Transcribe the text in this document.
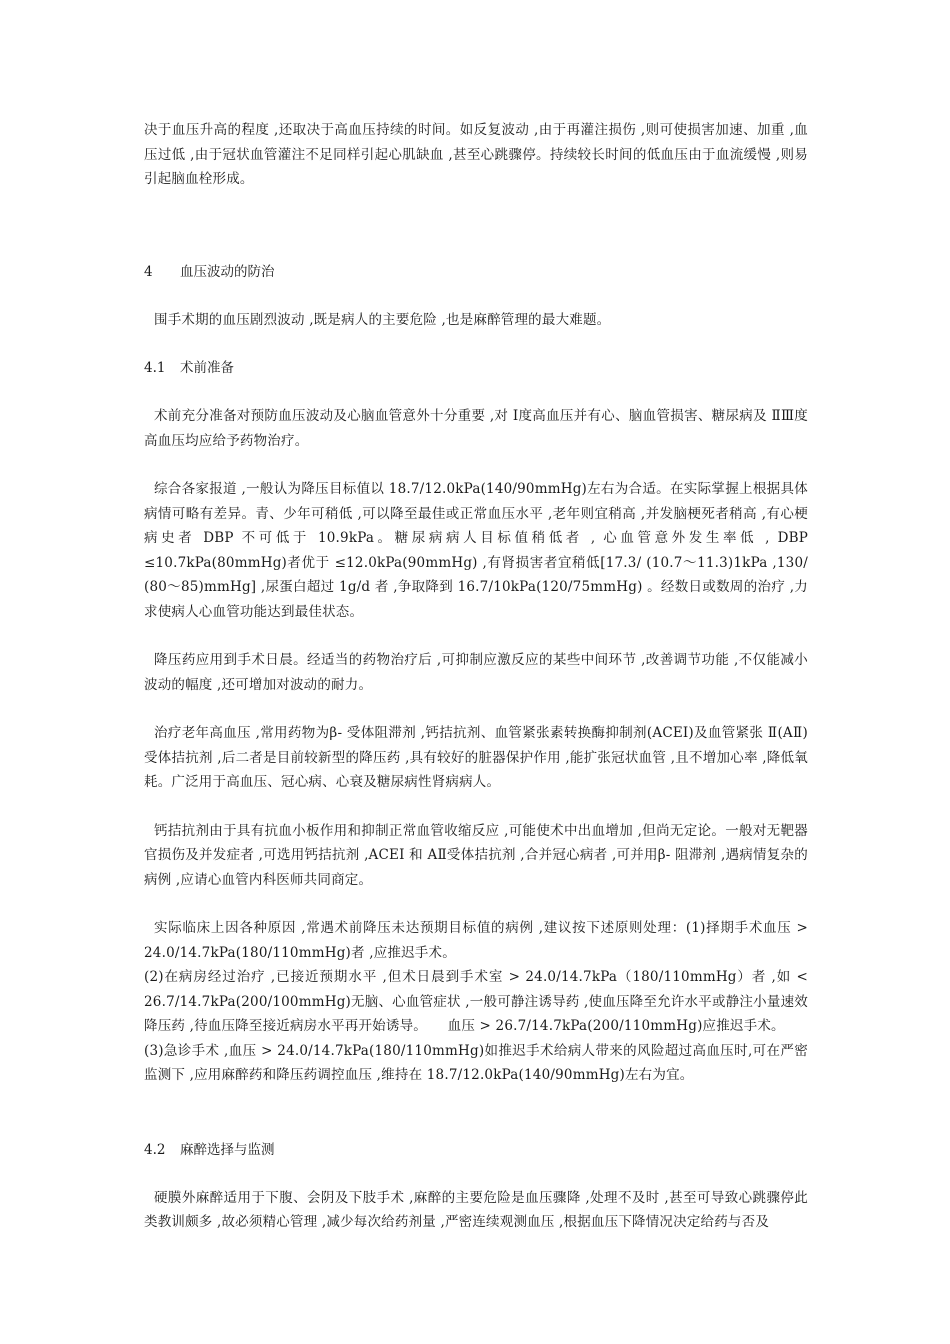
决于血压升高的程度 ,还取决于高血压持续的时间。如反复波动 ,由于再灌注损伤 ,则可使损害加速、加重 ,血压过低 ,由于冠状血管灌注不足同样引起心肌缺血 ,甚至心跳骤停。持续较长时间的低血压由于血流缓慢 ,则易引起脑血栓形成。

4 血压波动的防治

围手术期的血压剧烈波动 ,既是病人的主要危险 ,也是麻醉管理的最大难题。

4.1 术前准备

术前充分准备对预防血压波动及心脑血管意外十分重要 ,对 Ⅰ度高血压并有心、脑血管损害、糖尿病及 ⅡⅢ度高血压均应给予药物治疗。

综合各家报道 ,一般认为降压目标值以 18.7/12.0kPa(140/90mmHg)左右为合适。在实际掌握上根据具体病情可略有差异。青、少年可稍低 ,可以降至最佳或正常血压水平 ,老年则宜稍高 ,并发脑梗死者稍高 ,有心梗病史者 DBP 不可低于 10.9kPa。糖尿病病人目标值稍低者 , 心血管意外发生率低 , DBP ≤10.7kPa(80mmHg)者优于 ≤12.0kPa(90mmHg) ,有肾损害者宜稍低[17.3/ (10.7～11.3)1kPa ,130/ (80～85)mmHg] ,尿蛋白超过 1g/d 者 ,争取降到 16.7/10kPa(120/75mmHg) 。经数日或数周的治疗 ,力求使病人心血管功能达到最佳状态。

降压药应用到手术日晨。经适当的药物治疗后 ,可抑制应激反应的某些中间环节 ,改善调节功能 ,不仅能减小波动的幅度 ,还可增加对波动的耐力。

治疗老年高血压 ,常用药物为β- 受体阻滞剂 ,钙拮抗剂、血管紧张素转换酶抑制剂(ACEI)及血管紧张 Ⅱ(AⅡ)受体拮抗剂 ,后二者是目前较新型的降压药 ,具有较好的脏器保护作用 ,能扩张冠状血管 ,且不增加心率 ,降低氧耗。广泛用于高血压、冠心病、心衰及糖尿病性肾病病人。

钙拮抗剂由于具有抗血小板作用和抑制正常血管收缩反应 ,可能使术中出血增加 ,但尚无定论。一般对无靶器官损伤及并发症者 ,可选用钙拮抗剂 ,ACEI 和 AⅡ受体拮抗剂 ,合并冠心病者 ,可并用β- 阻滞剂 ,遇病情复杂的病例 ,应请心血管内科医师共同商定。

实际临床上因各种原因 ,常遇术前降压未达预期目标值的病例 ,建议按下述原则处理：(1)择期手术血压 > 24.0/14.7kPa(180/110mmHg)者 ,应推迟手术。

(2)在病房经过治疗 ,已接近预期水平 ,但术日晨到手术室 > 24.0/14.7kPa（180/110mmHg）者 ,如 < 26.7/14.7kPa(200/100mmHg)无脑、心血管症状 ,一般可静注诱导药 ,使血压降至允许水平或静注小量速效降压药 ,待血压降至接近病房水平再开始诱导。　　血压 > 26.7/14.7kPa(200/110mmHg)应推迟手术。

(3)急诊手术 ,血压 > 24.0/14.7kPa(180/110mmHg)如推迟手术给病人带来的风险超过高血压时,可在严密监测下 ,应用麻醉药和降压药调控血压 ,维持在 18.7/12.0kPa(140/90mmHg)左右为宜。

4.2 麻醉选择与监测

硬膜外麻醉适用于下腹、会阴及下肢手术 ,麻醉的主要危险是血压骤降 ,处理不及时 ,甚至可导致心跳骤停此类教训颇多 ,故必须精心管理 ,减少每次给药剂量 ,严密连续观测血压 ,根据血压下降情况决定给药与否及
